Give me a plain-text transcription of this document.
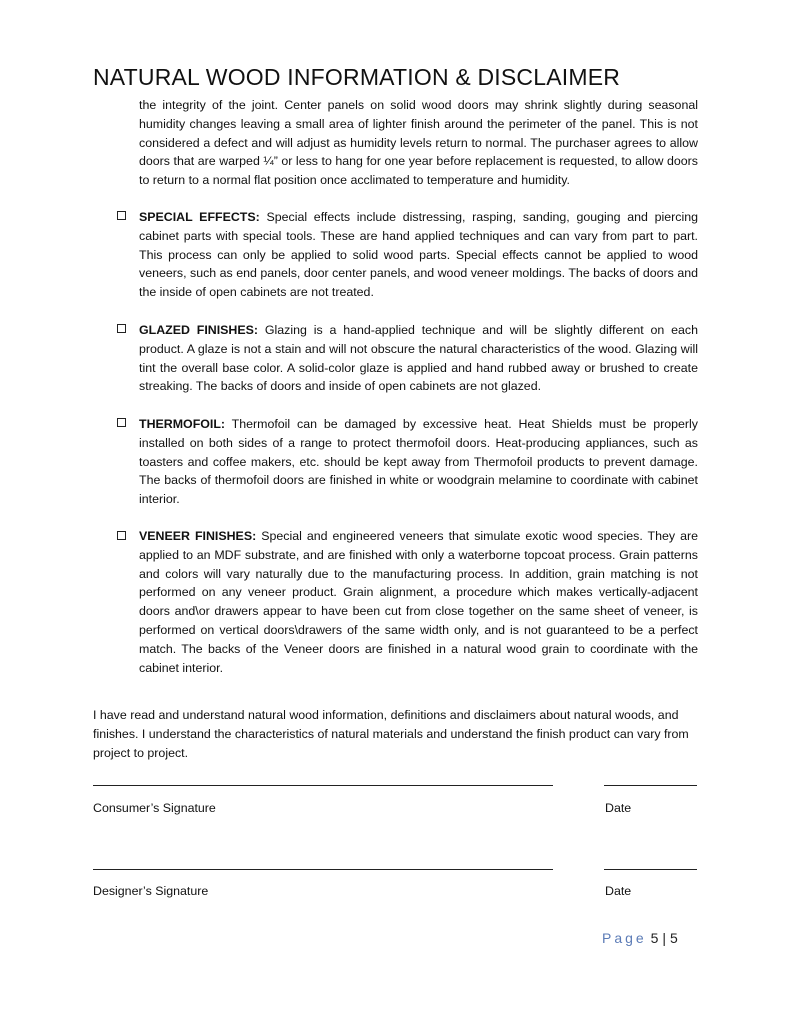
NATURAL WOOD INFORMATION & DISCLAIMER
the integrity of the joint. Center panels on solid wood doors may shrink slightly during seasonal humidity changes leaving a small area of lighter finish around the perimeter of the panel. This is not considered a defect and will adjust as humidity levels return to normal. The purchaser agrees to allow doors that are warped ¼” or less to hang for one year before replacement is requested, to allow doors to return to a normal flat position once acclimated to temperature and humidity.
SPECIAL EFFECTS: Special effects include distressing, rasping, sanding, gouging and piercing cabinet parts with special tools. These are hand applied techniques and can vary from part to part. This process can only be applied to solid wood parts. Special effects cannot be applied to wood veneers, such as end panels, door center panels, and wood veneer moldings. The backs of doors and the inside of open cabinets are not treated.
GLAZED FINISHES: Glazing is a hand-applied technique and will be slightly different on each product. A glaze is not a stain and will not obscure the natural characteristics of the wood. Glazing will tint the overall base color. A solid-color glaze is applied and hand rubbed away or brushed to create streaking. The backs of doors and inside of open cabinets are not glazed.
THERMOFOIL: Thermofoil can be damaged by excessive heat. Heat Shields must be properly installed on both sides of a range to protect thermofoil doors. Heat-producing appliances, such as toasters and coffee makers, etc. should be kept away from Thermofoil products to prevent damage. The backs of thermofoil doors are finished in white or woodgrain melamine to coordinate with cabinet interior.
VENEER FINISHES: Special and engineered veneers that simulate exotic wood species. They are applied to an MDF substrate, and are finished with only a waterborne topcoat process. Grain patterns and colors will vary naturally due to the manufacturing process. In addition, grain matching is not performed on any veneer product. Grain alignment, a procedure which makes vertically-adjacent doors and\or drawers appear to have been cut from close together on the same sheet of veneer, is performed on vertical doors\drawers of the same width only, and is not guaranteed to be a perfect match. The backs of the Veneer doors are finished in a natural wood grain to coordinate with the cabinet interior.
I have read and understand natural wood information, definitions and disclaimers about natural woods, and finishes. I understand the characteristics of natural materials and understand the finish product can vary from project to project.
Consumer’s Signature	Date
Designer’s Signature	Date
Page 5 | 5
